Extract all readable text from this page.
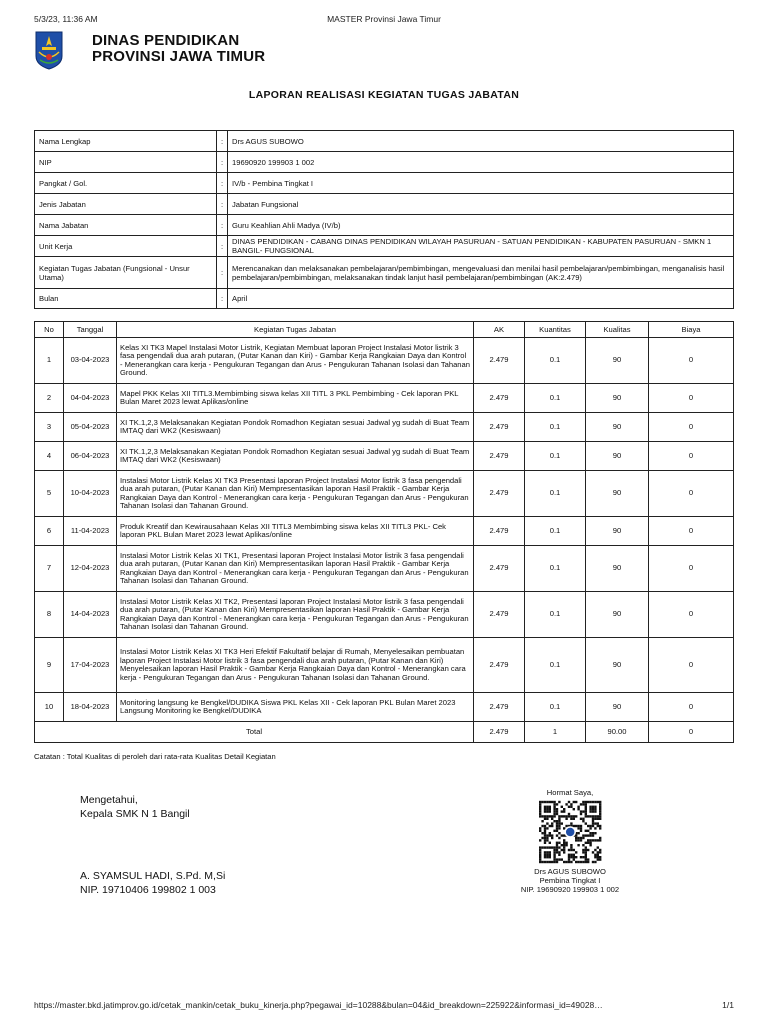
5/3/23, 11:36 AM	MASTER Provinsi Jawa Timur
DINAS PENDIDIKAN
PROVINSI JAWA TIMUR
LAPORAN REALISASI KEGIATAN TUGAS JABATAN
Nama Lengkap	:	Drs AGUS SUBOWO
NIP	:	19690920 199903 1 002
Pangkat / Gol.	:	IV/b - Pembina Tingkat I
Jenis Jabatan	:	Jabatan Fungsional
Nama Jabatan	:	Guru Keahlian Ahli Madya (IV/b)
Unit Kerja	:	DINAS PENDIDIKAN - CABANG DINAS PENDIDIKAN WILAYAH PASURUAN - SATUAN PENDIDIKAN - KABUPATEN PASURUAN - SMKN 1 BANGIL- FUNGSIONAL
Kegiatan Tugas Jabatan (Fungsional - Unsur Utama)	:	Merencanakan dan melaksanakan pembelajaran/pembimbingan, mengevaluasi dan menilai hasil pembelajaran/pembimbingan, menganalisis hasil pembelajaran/pembimbingan, melaksanakan tindak lanjut hasil pembelajaran/pembimbingan (AK:2.479)
Bulan	:	April
No	Tanggal	Kegiatan Tugas Jabatan	AK	Kuantitas	Kualitas	Biaya
1	03-04-2023	Kelas XI TK3 Mapel Instalasi Motor Listrik, Kegiatan Membuat laporan Project Instalasi Motor listrik 3 fasa pengendali dua arah putaran, (Putar Kanan dan Kiri) - Gambar Kerja Rangkaian Daya dan Kontrol - Menerangkan cara kerja - Pengukuran Tegangan dan Arus - Pengukuran Tahanan Isolasi dan Tahanan Ground.	2.479	0.1	90	0
2	04-04-2023	Mapel PKK Kelas XII TITL3.Membimbing siswa kelas XII TITL 3 PKL Pembimbing - Cek laporan PKL Bulan Maret 2023 lewat Aplikas/online	2.479	0.1	90	0
3	05-04-2023	XI TK.1,2,3 Melaksanakan Kegiatan Pondok Romadhon Kegiatan sesuai Jadwal yg sudah di Buat Team IMTAQ dari WK2 (Kesiswaan)	2.479	0.1	90	0
4	06-04-2023	XI TK.1,2,3 Melaksanakan Kegiatan Pondok Romadhon Kegiatan sesuai Jadwal yg sudah di Buat Team IMTAQ dari WK2 (Kesiswaan)	2.479	0.1	90	0
5	10-04-2023	Instalasi Motor Listrik Kelas XI TK3 Presentasi laporan Project Instalasi Motor listrik 3 fasa pengendali dua arah putaran, (Putar Kanan dan Kiri) Mempresentasikan laporan Hasil Praktik - Gambar Kerja Rangkaian Daya dan Kontrol - Menerangkan cara kerja - Pengukuran Tegangan dan Arus - Pengukuran Tahanan Isolasi dan Tahanan Ground.	2.479	0.1	90	0
6	11-04-2023	Produk Kreatif dan Kewirausahaan Kelas XII TITL3 Membimbing siswa kelas XII TITL3 PKL- Cek laporan PKL Bulan Maret 2023 lewat Aplikas/online	2.479	0.1	90	0
7	12-04-2023	Instalasi Motor Listrik Kelas XI TK1, Presentasi laporan Project Instalasi Motor listrik 3 fasa pengendali dua arah putaran, (Putar Kanan dan Kiri) Mempresentasikan laporan Hasil Praktik - Gambar Kerja Rangkaian Daya dan Kontrol - Menerangkan cara kerja - Pengukuran Tegangan dan Arus - Pengukuran Tahanan Isolasi dan Tahanan Ground.	2.479	0.1	90	0
8	14-04-2023	Instalasi Motor Listrik Kelas XI TK2, Presentasi laporan Project Instalasi Motor listrik 3 fasa pengendali dua arah putaran, (Putar Kanan dan Kiri) Mempresentasikan laporan Hasil Praktik - Gambar Kerja Rangkaian Daya dan Kontrol - Menerangkan cara kerja - Pengukuran Tegangan dan Arus - Pengukuran Tahanan Isolasi dan Tahanan Ground.	2.479	0.1	90	0
9	17-04-2023	Instalasi Motor Listrik Kelas XI TK3 Heri Efektif Fakultatif belajar di Rumah, Menyelesaikan pembuatan laporan Project Instalasi Motor listrik 3 fasa pengendali dua arah putaran, (Putar Kanan dan Kiri) Menyelesaikan laporan Hasil Praktik - Gambar Kerja Rangkaian Daya dan Kontrol - Menerangkan cara kerja - Pengukuran Tegangan dan Arus - Pengukuran Tahanan Isolasi dan Tahanan Ground.	2.479	0.1	90	0
10	18-04-2023	Monitoring langsung ke Bengkel/DUDIKA Siswa PKL Kelas XII - Cek laporan PKL Bulan Maret 2023 Langsung Monitoring ke Bengkel/DUDIKA	2.479	0.1	90	0
Total			2.479	1	90.00	0
Catatan : Total Kualitas di peroleh dari rata-rata Kualitas Detail Kegiatan
Mengetahui,
Kepala SMK N 1 Bangil
A. SYAMSUL HADI, S.Pd. M,Si
NIP. 19710406 199802 1 003
Hormat Saya,
Drs AGUS SUBOWO
Pembina Tingkat I
NIP. 19690920 199903 1 002
https://master.bkd.jatimprov.go.id/cetak_mankin/cetak_buku_kinerja.php?pegawai_id=10288&bulan=04&id_breakdown=225922&informasi_id=49028…	1/1
